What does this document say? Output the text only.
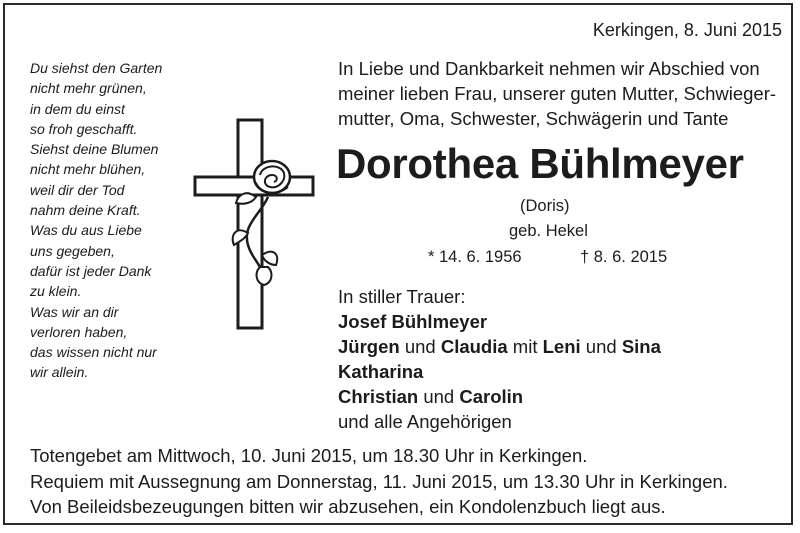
Kerkingen, 8. Juni 2015
Du siehst den Garten
nicht mehr grünen,
in dem du einst
so froh geschafft.
Siehst deine Blumen
nicht mehr blühen,
weil dir der Tod
nahm deine Kraft.
Was du aus Liebe
uns gegeben,
dafür ist jeder Dank
zu klein.
Was wir an dir
verloren haben,
das wissen nicht nur
wir allein.
In Liebe und Dankbarkeit nehmen wir Abschied von
meiner lieben Frau, unserer guten Mutter, Schwieger-
mutter, Oma, Schwester, Schwägerin und Tante
Dorothea Bühlmeyer
(Doris)
geb. Hekel
* 14. 6. 1956	† 8. 6. 2015
In stiller Trauer:
Josef Bühlmeyer
Jürgen und Claudia mit Leni und Sina
Katharina
Christian und Carolin
und alle Angehörigen
Totengebet am Mittwoch, 10. Juni 2015, um 18.30 Uhr in Kerkingen.
Requiem mit Aussegnung am Donnerstag, 11. Juni 2015, um 13.30 Uhr in Kerkingen.
Von Beileidsbezeugungen bitten wir abzusehen, ein Kondolenzbuch liegt aus.
